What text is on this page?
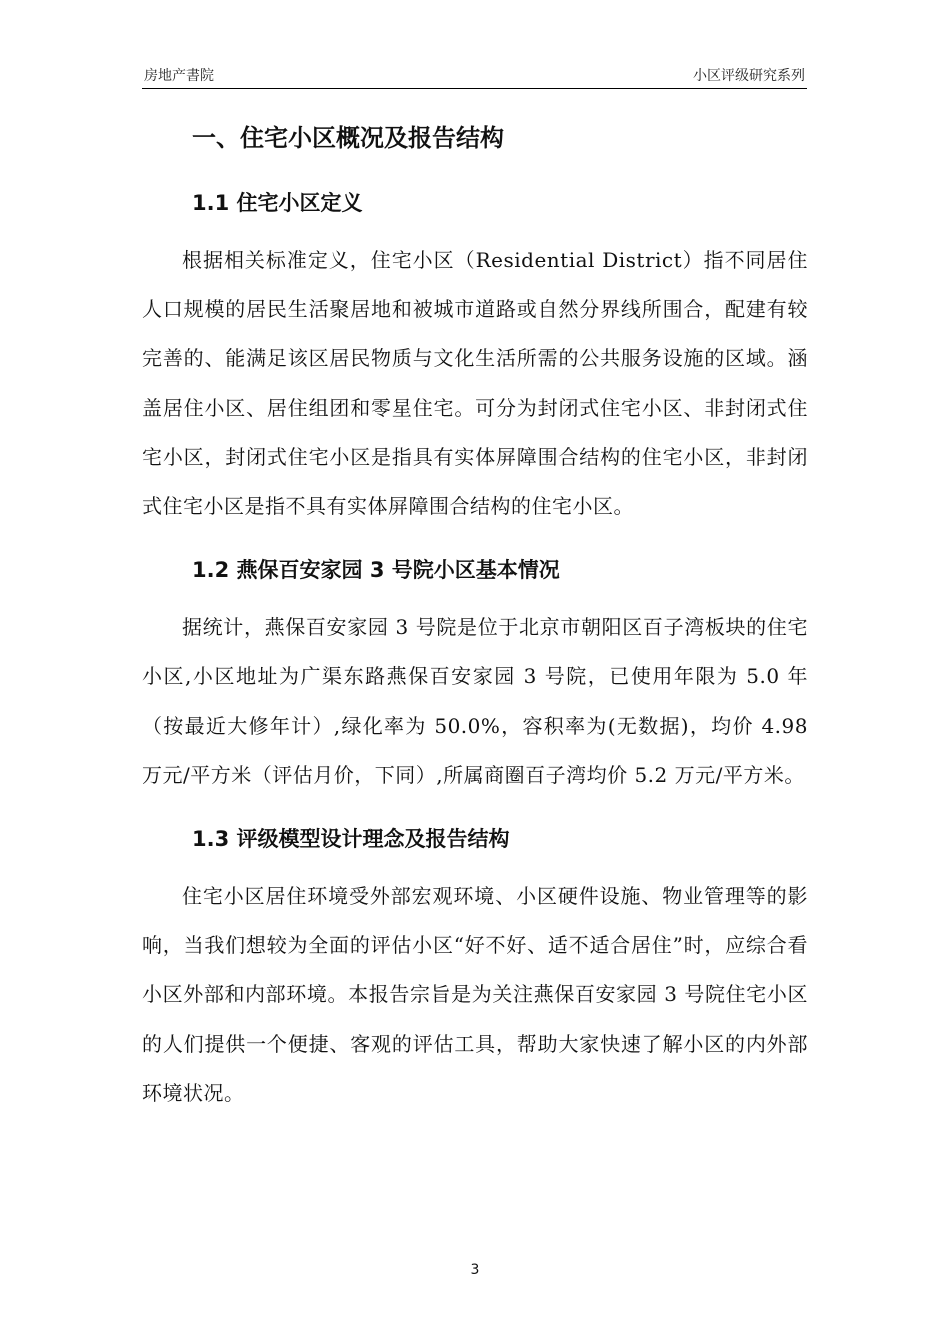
房地产書院	小区评级研究系列
一、住宅小区概况及报告结构
1.1 住宅小区定义

根据相关标准定义，住宅小区（Residential District）指不同居住人口规模的居民生活聚居地和被城市道路或自然分界线所围合，配建有较完善的、能满足该区居民物质与文化生活所需的公共服务设施的区域。涵盖居住小区、居住组团和零星住宅。可分为封闭式住宅小区、非封闭式住宅小区，封闭式住宅小区是指具有实体屏障围合结构的住宅小区，非封闭式住宅小区是指不具有实体屏障围合结构的住宅小区。

1.2 燕保百安家园 3 号院小区基本情况

据统计，燕保百安家园 3 号院是位于北京市朝阳区百子湾板块的住宅小区,小区地址为广渠东路燕保百安家园 3 号院，已使用年限为 5.0 年（按最近大修年计）,绿化率为 50.0%，容积率为(无数据)，均价 4.98 万元/平方米（评估月价，下同）,所属商圈百子湾均价 5.2 万元/平方米。

1.3 评级模型设计理念及报告结构

住宅小区居住环境受外部宏观环境、小区硬件设施、物业管理等的影响，当我们想较为全面的评估小区“好不好、适不适合居住”时，应综合看小区外部和内部环境。本报告宗旨是为关注燕保百安家园 3 号院住宅小区的人们提供一个便捷、客观的评估工具，帮助大家快速了解小区的内外部环境状况。

3
